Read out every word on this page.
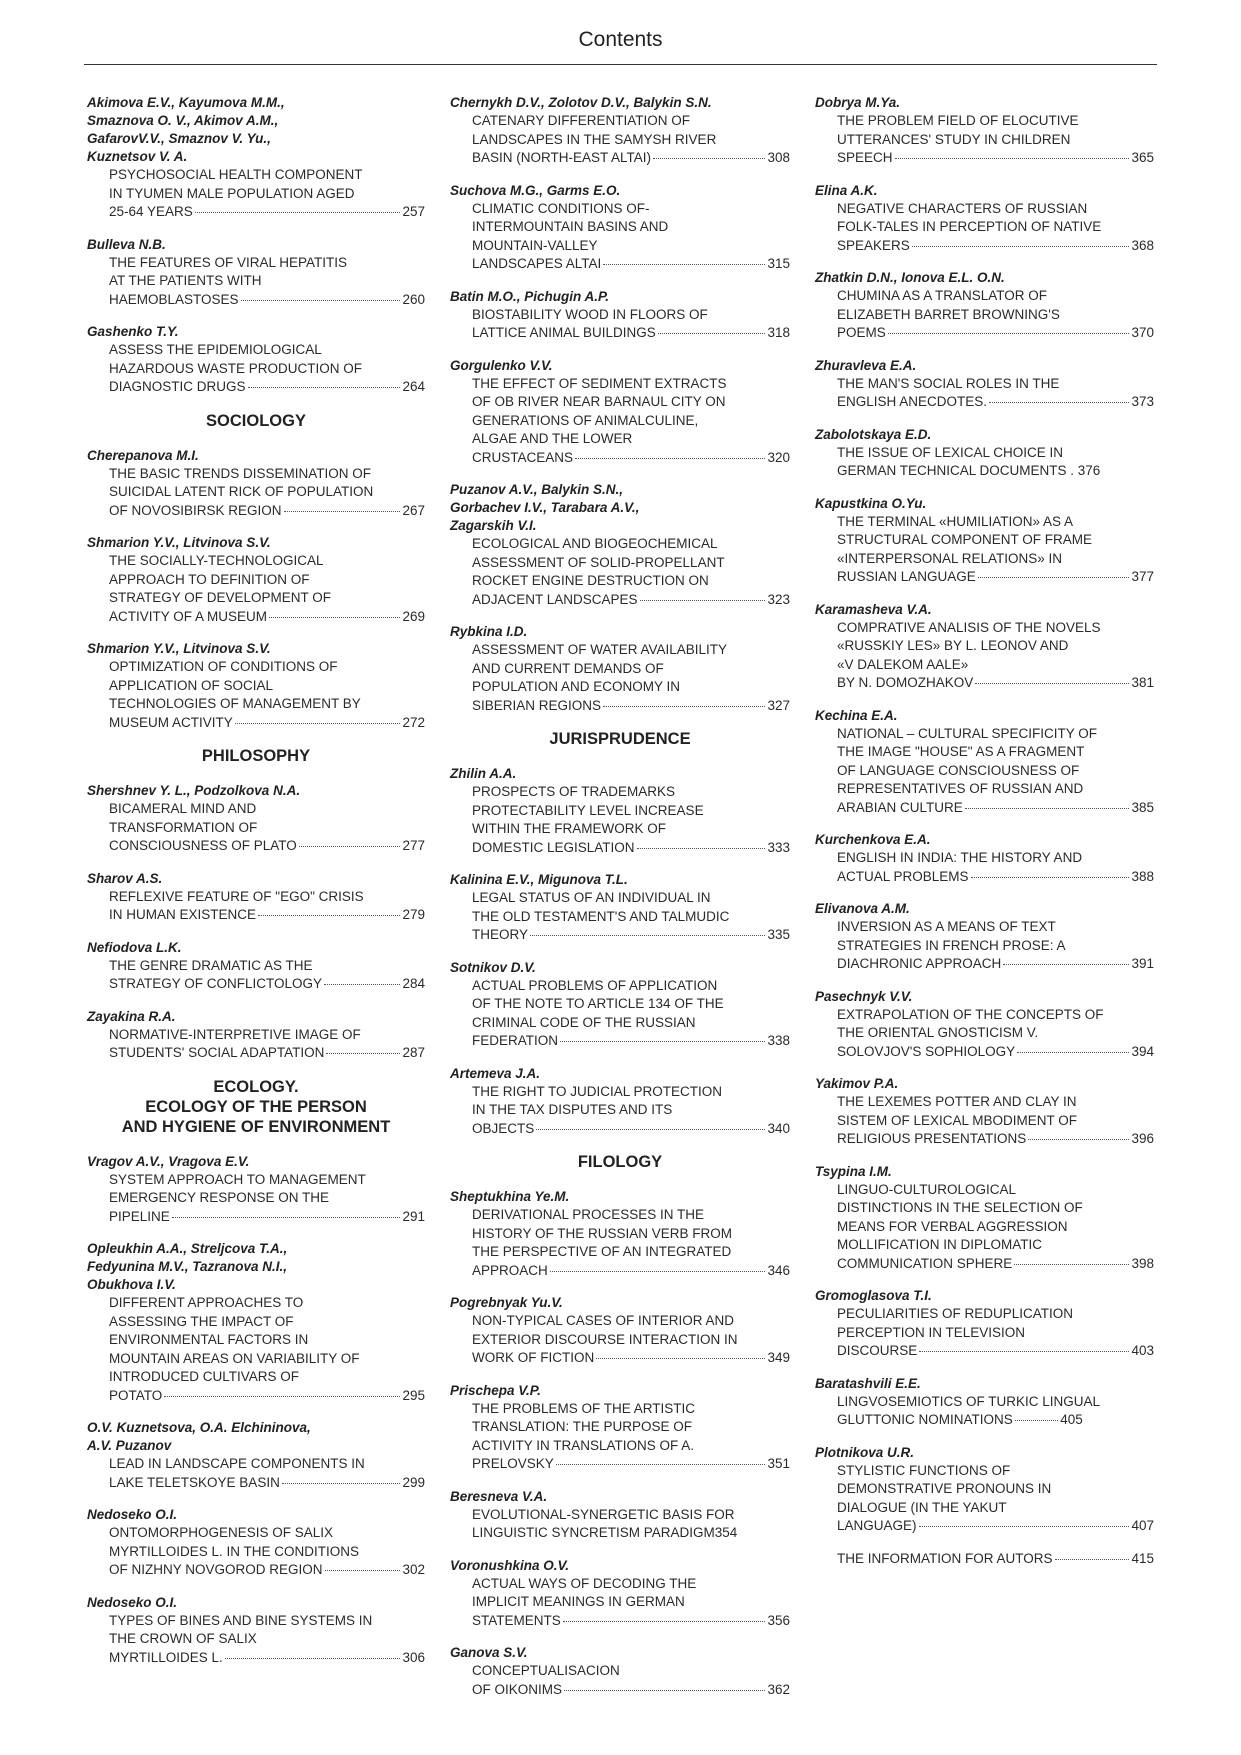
Contents
Akimova E.V., Kayumova M.M.,
Smaznova O. V., Akimov A.M.,
GafarovV.V., Smaznov V. Yu.,
Kuznetsov V. A.
PSYCHOSOCIAL HEALTH COMPONENT
IN TYUMEN MALE POPULATION AGED
25-64 YEARS	257
Bulleva N.B.
THE FEATURES OF VIRAL HEPATITIS
AT THE PATIENTS WITH
HAEMOBLASTOSES	260
Gashenko T.Y.
ASSESS THE EPIDEMIOLOGICAL
HAZARDOUS WASTE PRODUCTION OF
DIAGNOSTIC DRUGS	264
SOCIOLOGY
Cherepanova M.I.
THE BASIC TRENDS DISSEMINATION OF
SUICIDAL LATENT RICK OF POPULATION
OF NOVOSIBIRSK REGION	267
Shmarion Y.V., Litvinova S.V.
THE SOCIALLY-TECHNOLOGICAL
APPROACH TO DEFINITION OF
STRATEGY OF DEVELOPMENT OF
ACTIVITY OF A MUSEUM	269
Shmarion Y.V., Litvinova S.V.
OPTIMIZATION OF CONDITIONS OF
APPLICATION OF SOCIAL
TECHNOLOGIES OF MANAGEMENT BY
MUSEUM ACTIVITY	272
PHILOSOPHY
Shershnev Y. L., Podzolkova N.A.
BICAMERAL MIND AND
TRANSFORMATION OF
CONSCIOUSNESS OF PLATO	277
Sharov A.S.
REFLEXIVE FEATURE OF "EGO" CRISIS
IN HUMAN EXISTENCE	279
Nefiodova L.K.
THE GENRE DRAMATIC AS THE
STRATEGY OF CONFLICTOLOGY	284
Zayakina R.A.
NORMATIVE-INTERPRETIVE IMAGE OF
STUDENTS' SOCIAL ADAPTATION	287
ECOLOGY.
ECOLOGY OF THE PERSON
AND HYGIENE OF ENVIRONMENT
Vragov A.V., Vragova E.V.
SYSTEM APPROACH TO MANAGEMENT
EMERGENCY RESPONSE ON THE
PIPELINE	291
Opleukhin A.A., Streljcova T.A.,
Fedyunina M.V., Tazranova N.I.,
Obukhova I.V.
DIFFERENT APPROACHES TO
ASSESSING THE IMPACT OF
ENVIRONMENTAL FACTORS IN
MOUNTAIN AREAS ON VARIABILITY OF
INTRODUCED CULTIVARS OF
POTATO	295
O.V. Kuznetsova, O.A. Elchininova,
A.V. Puzanov
LEAD IN LANDSCAPE COMPONENTS IN
LAKE TELETSKOYE BASIN	299
Nedoseko O.I.
ONTOMORPHOGENESIS OF SALIX
MYRTILLOIDES L. IN THE CONDITIONS
OF NIZHNY NOVGOROD REGION	302
Nedoseko O.I.
TYPES OF BINES AND BINE SYSTEMS IN
THE CROWN OF SALIX
MYRTILLOIDES L.	306
Chernykh D.V., Zolotov D.V., Balykin S.N.
CATENARY DIFFERENTIATION OF
LANDSCAPES IN THE SAMYSH RIVER
BASIN (NORTH-EAST ALTAI)	308
Suchova M.G., Garms E.O.
CLIMATIC CONDITIONS OF-
INTERMOUNTAIN BASINS AND
MOUNTAIN-VALLEY
LANDSCAPES ALTAI	315
Batin M.O., Pichugin A.P.
BIOSTABILITY WOOD IN FLOORS OF
LATTICE ANIMAL BUILDINGS	318
Gorgulenko V.V.
THE EFFECT OF SEDIMENT EXTRACTS
OF OB RIVER NEAR BARNAUL CITY ON
GENERATIONS OF ANIMALCULINE,
ALGAE AND THE LOWER
CRUSTACEANS	320
Puzanov A.V., Balykin S.N.,
Gorbachev I.V., Tarabara A.V.,
Zagarskih V.I.
ECOLOGICAL AND BIOGEOCHEMICAL
ASSESSMENT OF SOLID-PROPELLANT
ROCKET ENGINE DESTRUCTION ON
ADJACENT LANDSCAPES	323
Rybkina I.D.
ASSESSMENT OF WATER AVAILABILITY
AND CURRENT DEMANDS OF
POPULATION AND ECONOMY IN
SIBERIAN REGIONS	327
JURISPRUDENCE
Zhilin A.A.
PROSPECTS OF TRADEMARKS
PROTECTABILITY LEVEL INCREASE
WITHIN THE FRAMEWORK OF
DOMESTIC LEGISLATION	333
Kalinina E.V., Migunova T.L.
LEGAL STATUS OF AN INDIVIDUAL IN
THE OLD TESTAMENT'S AND TALMUDIC
THEORY	335
Sotnikov D.V.
ACTUAL PROBLEMS OF APPLICATION
OF THE NOTE TO ARTICLE 134 OF THE
CRIMINAL CODE OF THE RUSSIAN
FEDERATION	338
Artemeva J.A.
THE RIGHT TO JUDICIAL PROTECTION
IN THE TAX DISPUTES AND ITS
OBJECTS	340
FILOLOGY
Sheptukhina Ye.M.
DERIVATIONAL PROCESSES IN THE
HISTORY OF THE RUSSIAN VERB FROM
THE PERSPECTIVE OF AN INTEGRATED
APPROACH	346
Pogrebnyak Yu.V.
NON-TYPICAL CASES OF INTERIOR AND
EXTERIOR DISCOURSE INTERACTION IN
WORK OF FICTION	349
Prischepa V.P.
THE PROBLEMS OF THE ARTISTIC
TRANSLATION: THE PURPOSE OF
ACTIVITY IN TRANSLATIONS OF A.
PRELOVSKY	351
Beresneva V.A.
EVOLUTIONAL-SYNERGETIC BASIS FOR
LINGUISTIC SYNCRETISM PARADIGM354
Voronushkina O.V.
ACTUAL WAYS OF DECODING THE
IMPLICIT MEANINGS IN GERMAN
STATEMENTS	356
Ganova S.V.
CONCEPTUALISACION
OF OIKONIMS	362
Dobrya M.Ya.
THE PROBLEM FIELD OF ELOCUTIVE
UTTERANCES' STUDY IN CHILDREN
SPEECH	365
Elina A.K.
NEGATIVE CHARACTERS OF RUSSIAN
FOLK-TALES IN PERCEPTION OF NATIVE
SPEAKERS	368
Zhatkin D.N., Ionova E.L. O.N.
CHUMINA AS A TRANSLATOR OF
ELIZABETH BARRET BROWNING'S
POEMS	370
Zhuravleva E.A.
THE MAN'S SOCIAL ROLES IN THE
ENGLISH ANECDOTES.	373
Zabolotskaya E.D.
THE ISSUE OF LEXICAL CHOICE IN
GERMAN TECHNICAL DOCUMENTS . 376
Kapustkina O.Yu.
THE TERMINAL «HUMILIATION» AS A
STRUCTURAL COMPONENT OF FRAME
«INTERPERSONAL RELATIONS» IN
RUSSIAN LANGUAGE	377
Karamasheva V.A.
COMPRATIVE ANALISIS OF THE NOVELS
«RUSSKIY LES» BY L. LEONOV AND
«V DALEKOM AALE»
BY N. DOMOZHAKOV	381
Kechina E.A.
NATIONAL – CULTURAL SPECIFICITY OF
THE IMAGE "HOUSE" AS A FRAGMENT
OF LANGUAGE CONSCIOUSNESS OF
REPRESENTATIVES OF RUSSIAN AND
ARABIAN CULTURE	385
Kurchenkova E.A.
ENGLISH IN INDIA: THE HISTORY AND
ACTUAL PROBLEMS	388
Elivanova A.M.
INVERSION AS A MEANS OF TEXT
STRATEGIES IN FRENCH PROSE: A
DIACHRONIC APPROACH	391
Pasechnyk V.V.
EXTRAPOLATION OF THE CONCEPTS OF
THE ORIENTAL GNOSTICISM V.
SOLOVJOV'S SOPHIOLOGY	394
Yakimov P.A.
THE LEXEMES POTTER AND CLAY IN
SISTEM OF LEXICAL MBODIMENT OF
RELIGIOUS PRESENTATIONS	396
Tsypina I.M.
LINGUO-CULTUROLOGICAL
DISTINCTIONS IN THE SELECTION OF
MEANS FOR VERBAL AGGRESSION
MOLLIFICATION IN DIPLOMATIC
COMMUNICATION SPHERE	398
Gromoglasova T.I.
PECULIARITIES OF REDUPLICATION
PERCEPTION IN TELEVISION
DISCOURSE	403
Baratashvili E.E.
LINGVOSEMIOTICS OF TURKIC LINGUAL GLUTTONIC NOMINATIONS	405
Plotnikova U.R.
STYLISTIC FUNCTIONS OF
DEMONSTRATIVE PRONOUNS IN
DIALOGUE (IN THE YAKUT
LANGUAGE)	407
THE INFORMATION FOR AUTORS	415
